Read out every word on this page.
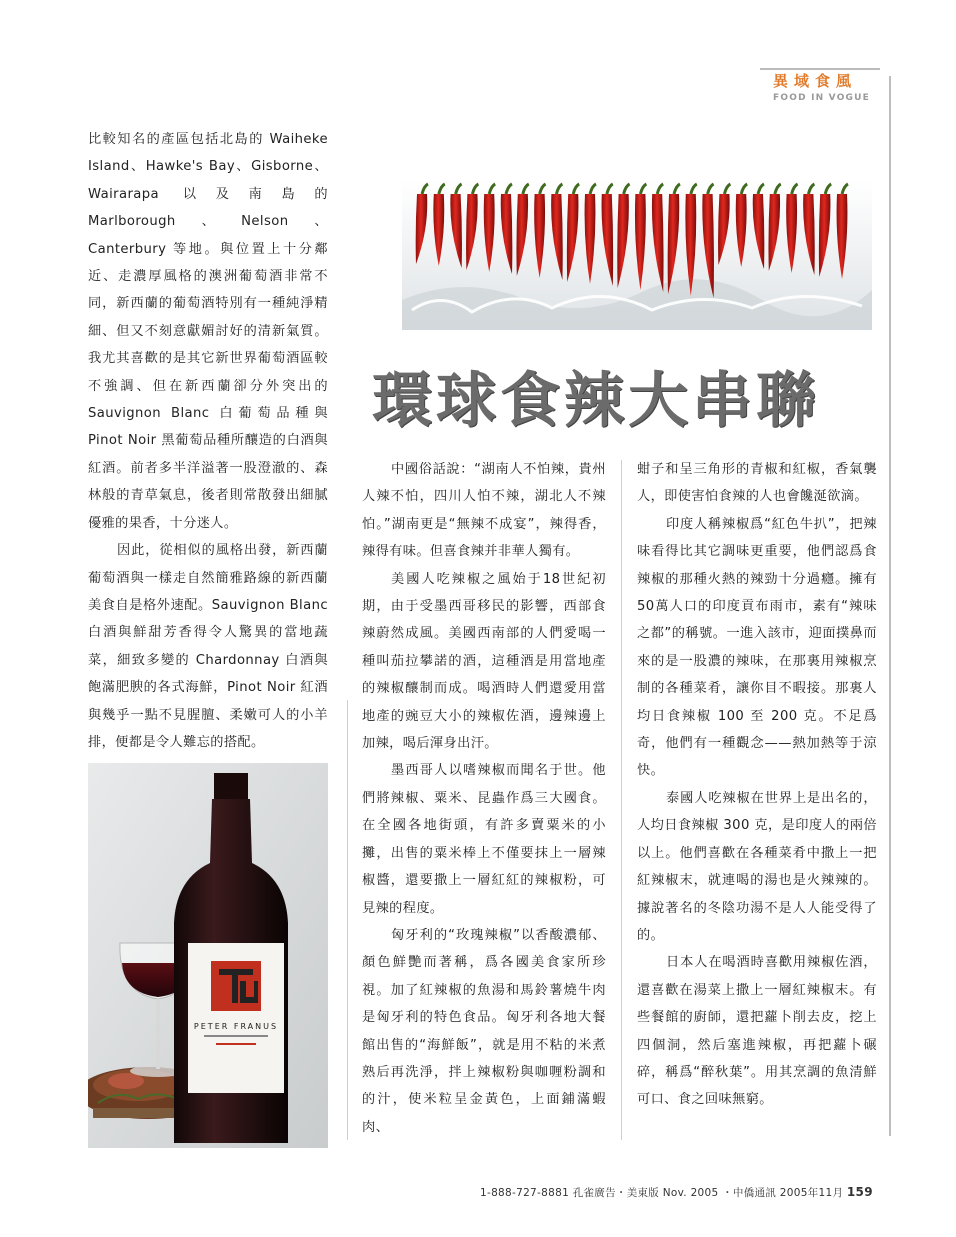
異域食風
FOOD IN VOGUE

比較知名的產區包括北島的 Waiheke Island、Hawke's Bay、Gisborne、Wairarapa 以及南島的 Marlborough、Nelson、Canterbury 等地。與位置上十分鄰近、走濃厚風格的澳洲葡萄酒非常不同，新西蘭的葡萄酒特別有一種純淨精細、但又不刻意獻媚討好的清新氣質。我尤其喜歡的是其它新世界葡萄酒區較不強調、但在新西蘭卻分外突出的 Sauvignon Blanc 白葡萄品種與 Pinot Noir 黑葡萄品種所釀造的白酒與紅酒。前者多半洋溢著一股澄澈的、森林般的青草氣息，後者則常散發出細膩優雅的果香，十分迷人。

因此，從相似的風格出發，新西蘭葡萄酒與一樣走自然簡雅路線的新西蘭美食自是格外速配。Sauvignon Blanc 白酒與鮮甜芳香得令人驚異的當地蔬菜，細致多變的 Chardonnay 白酒與飽滿肥腴的各式海鮮，Pinot Noir 紅酒與幾乎一點不見腥膻、柔嫩可人的小羊排，便都是令人難忘的搭配。

環球食辣大串聯

中國俗話說：“湖南人不怕辣，貴州人辣不怕，四川人怕不辣，湖北人不辣怕。”湖南更是“無辣不成宴”，辣得香，辣得有味。但喜食辣并非華人獨有。

美國人吃辣椒之風始于18世紀初期，由于受墨西哥移民的影響，西部食辣蔚然成風。美國西南部的人們愛喝一種叫茄拉攀諾的酒，這種酒是用當地產的辣椒釀制而成。喝酒時人們還愛用當地產的豌豆大小的辣椒佐酒，邊辣邊上加辣，喝后渾身出汗。

墨西哥人以嗜辣椒而聞名于世。他們將辣椒、粟米、昆蟲作爲三大國食。在全國各地街頭，有許多賣粟米的小攤，出售的粟米棒上不僅要抹上一層辣椒醬，還要撒上一層紅紅的辣椒粉，可見辣的程度。

匈牙利的“玫瑰辣椒”以香酸濃郁、顏色鮮艷而著稱，爲各國美食家所珍視。加了紅辣椒的魚湯和馬鈴薯燒牛肉是匈牙利的特色食品。匈牙利各地大餐館出售的“海鮮飯”，就是用不粘的米煮熟后再洗淨，拌上辣椒粉與咖喱粉調和的汁，使米粒呈金黃色，上面鋪滿蝦肉、

蚶子和呈三角形的青椒和紅椒，香氣襲人，即使害怕食辣的人也會饞涎欲滴。

印度人稱辣椒爲“紅色牛扒”，把辣味看得比其它調味更重要，他們認爲食辣椒的那種火熱的辣勁十分過癮。擁有50萬人口的印度貢布雨市，素有“辣味之都”的稱號。一進入該市，迎面撲鼻而來的是一股濃的辣味，在那裏用辣椒烹制的各種菜肴，讓你目不暇接。那裏人均日食辣椒 100 至 200 克。不足爲奇，他們有一種觀念——熱加熱等于涼快。

泰國人吃辣椒在世界上是出名的，人均日食辣椒 300 克，是印度人的兩倍以上。他們喜歡在各種菜肴中撒上一把紅辣椒末，就連喝的湯也是火辣辣的。據說著名的冬陰功湯不是人人能受得了的。

日本人在喝酒時喜歡用辣椒佐酒，還喜歡在湯菜上撒上一層紅辣椒末。有些餐館的廚師，還把蘿卜削去皮，挖上四個洞，然后塞進辣椒，再把蘿卜碾碎，稱爲“醉秋葉”。用其烹調的魚清鮮可口、食之回味無窮。

PETER FRANUS
1-888-727-8881 孔雀廣告・美東版 Nov. 2005 ・中僑通訊 2005年11月 159
